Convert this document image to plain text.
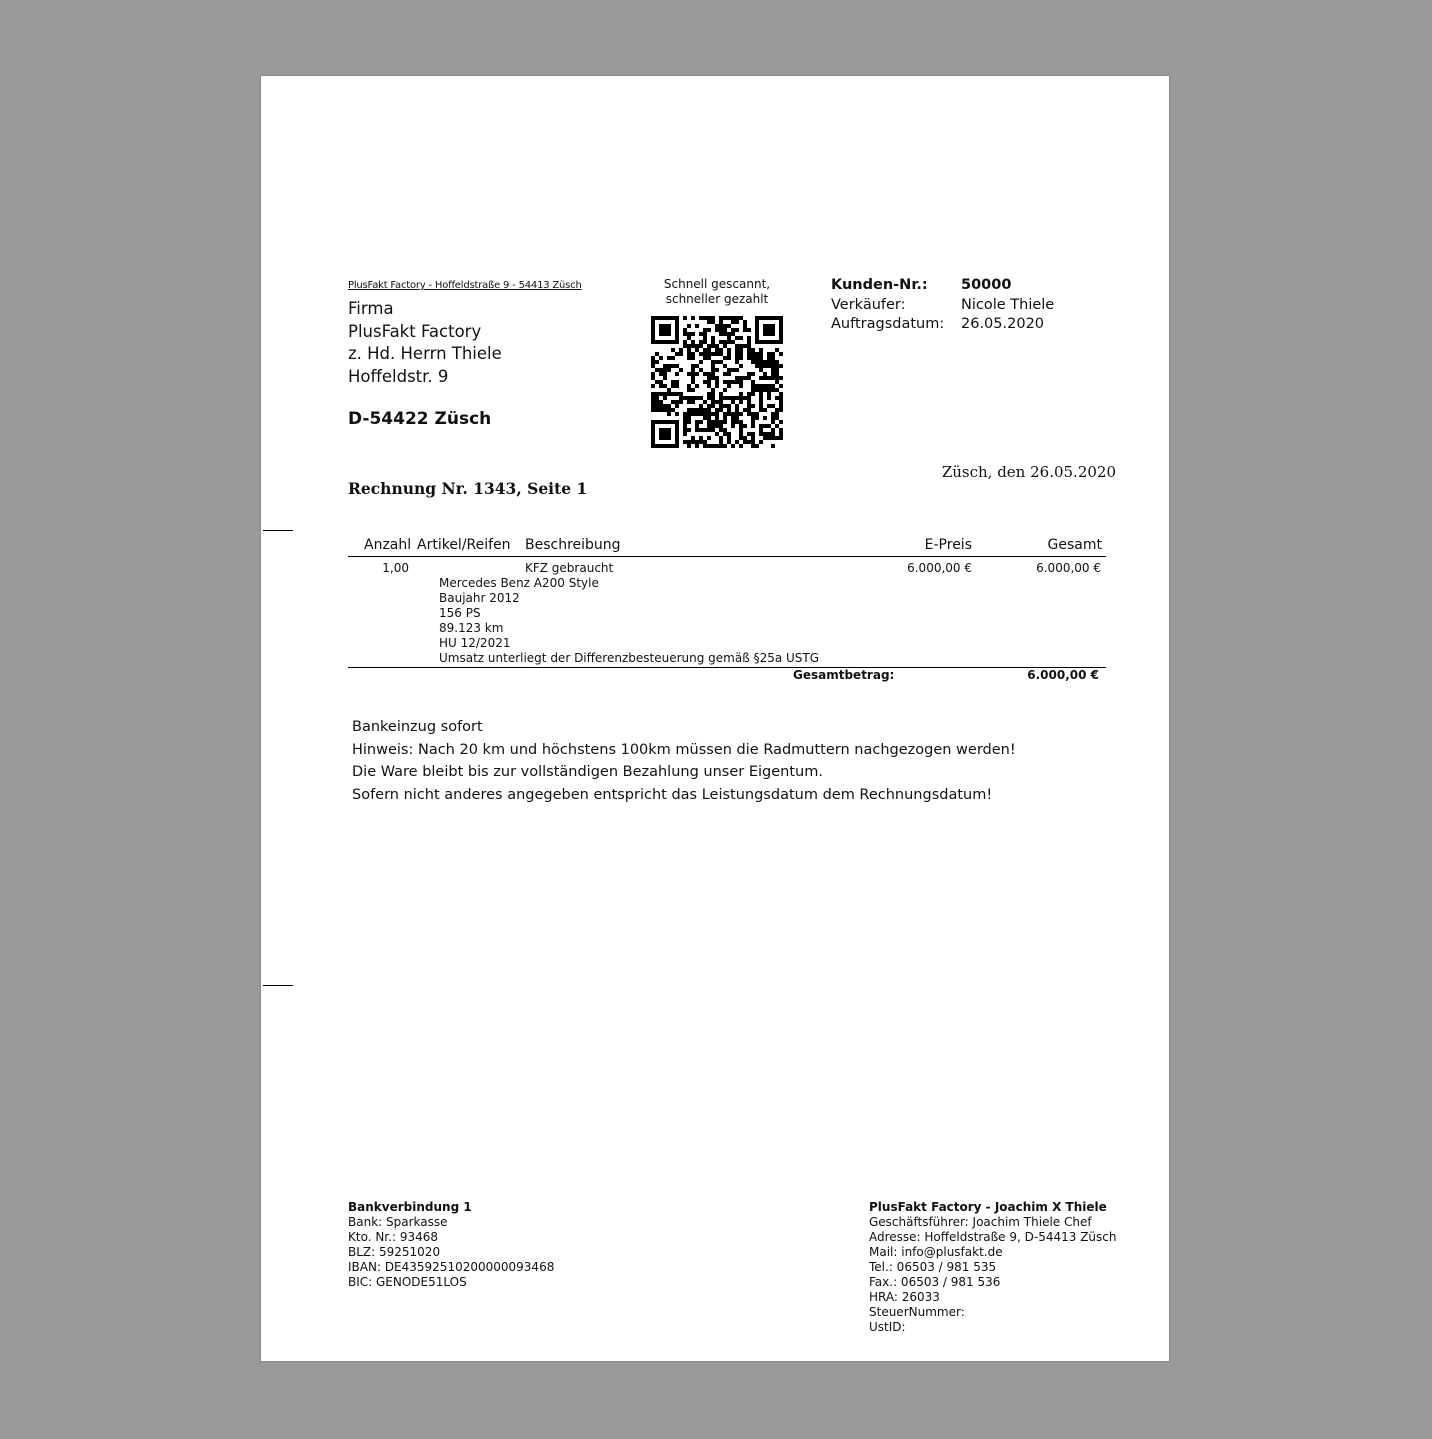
PlusFakt Factory - Hoffeldstraße 9 - 54413 Züsch
Firma
PlusFakt Factory
z. Hd. Herrn Thiele
Hoffeldstr. 9
D-54422 Züsch
Schnell gescannt,
schneller gezahlt
Kunden-Nr.:	50000
Verkäufer:	Nicole Thiele
Auftragsdatum:	26.05.2020
Züsch, den 26.05.2020
Rechnung Nr. 1343, Seite 1
Anzahl Artikel/Reifen Beschreibung	E-Preis	Gesamt
1,00	KFZ gebraucht	6.000,00 €	6.000,00 €
Mercedes Benz A200 Style
Baujahr 2012
156 PS
89.123 km
HU 12/2021
Umsatz unterliegt der Differenzbesteuerung gemäß §25a USTG
Gesamtbetrag:	6.000,00 €
Bankeinzug sofort
Hinweis: Nach 20 km und höchstens 100km müssen die Radmuttern nachgezogen werden!
Die Ware bleibt bis zur vollständigen Bezahlung unser Eigentum.
Sofern nicht anderes angegeben entspricht das Leistungsdatum dem Rechnungsdatum!
Bankverbindung 1
Bank: Sparkasse
Kto. Nr.: 93468
BLZ: 59251020
IBAN: DE43592510200000093468
BIC: GENODE51LOS
PlusFakt Factory - Joachim X Thiele
Geschäftsführer: Joachim Thiele Chef
Adresse: Hoffeldstraße 9, D-54413 Züsch
Mail: info@plusfakt.de
Tel.: 06503 / 981 535
Fax.: 06503 / 981 536
HRA: 26033
SteuerNummer:
UstID:
